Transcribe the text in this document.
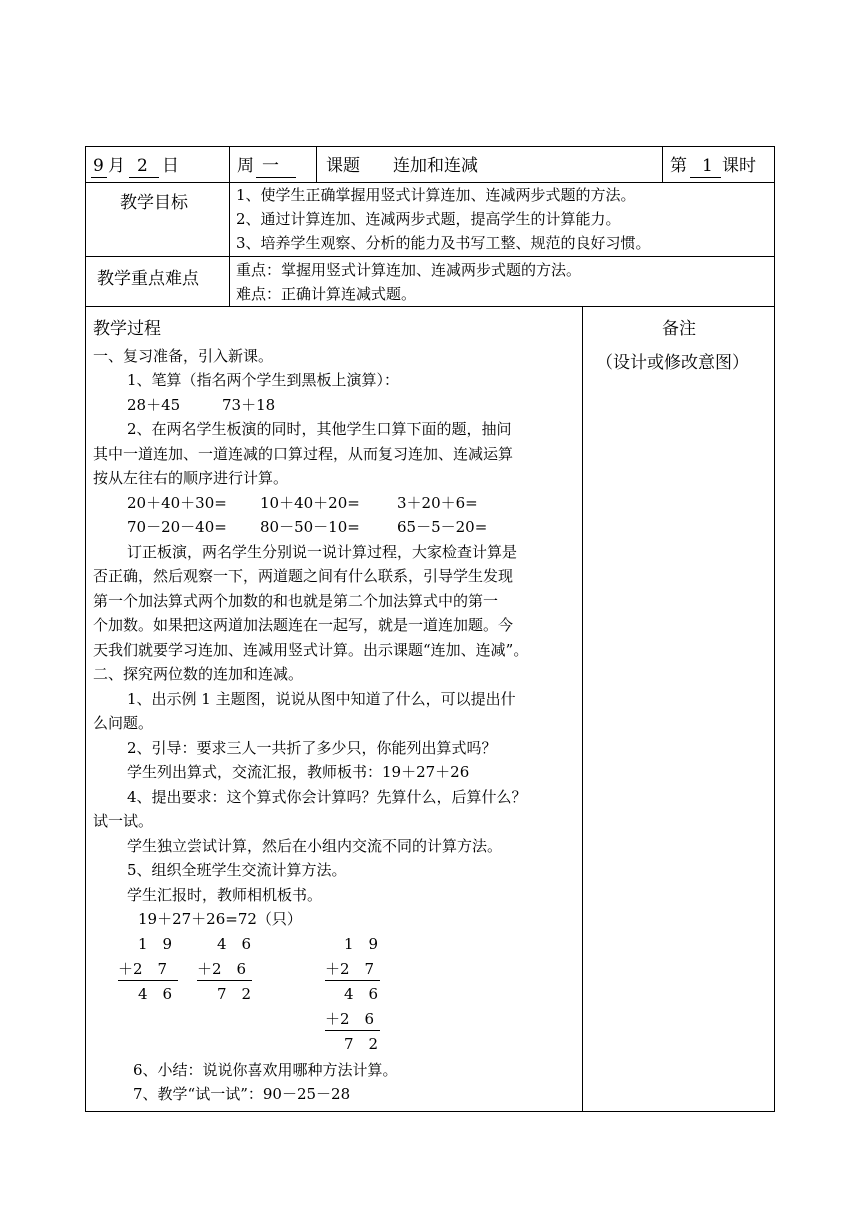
9 月 2 日	周 一	课题 连加和连减	第 1 课时
教学目标	1、使学生正确掌握用竖式计算连加、连减两步式题的方法。
2、通过计算连加、连减两步式题，提高学生的计算能力。
3、培养学生观察、分析的能力及书写工整、规范的良好习惯。
教学重点难点 重点：掌握用竖式计算连加、连减两步式题的方法。
难点：正确计算连减式题。
备注
（设计或修改意图）
教学过程
一、复习准备，引入新课。
1、笔算（指名两个学生到黑板上演算）：
28＋45	73＋18
2、在两名学生板演的同时，其他学生口算下面的题，抽问
其中一道连加、一道连减的口算过程，从而复习连加、连减运算
按从左往右的顺序进行计算。
20＋40＋30= 10＋40＋20= 3＋20＋6=
70－20－40= 80－50－10= 65－5－20=
订正板演，两名学生分别说一说计算过程，大家检查计算是
否正确，然后观察一下，两道题之间有什么联系，引导学生发现
第一个加法算式两个加数的和也就是第二个加法算式中的第一
个加数。如果把这两道加法题连在一起写，就是一道连加题。今
天我们就要学习连加、连减用竖式计算。出示课题“连加、连减”。
二、探究两位数的连加和连减。
1、出示例 1 主题图，说说从图中知道了什么，可以提出什
么问题。
2、引导：要求三人一共折了多少只，你能列出算式吗？
学生列出算式，交流汇报，教师板书：19＋27＋26
4、提出要求：这个算式你会计算吗？先算什么，后算什么？
试一试。
学生独立尝试计算，然后在小组内交流不同的计算方法。
5、组织全班学生交流计算方法。
学生汇报时，教师相机板书。
19＋27＋26=72（只）
1　9
＋2　7
4　6
4　6
＋2　6
7　2
1　9
＋2　7
4　6
＋2　6
7　2
6、小结：说说你喜欢用哪种方法计算。
7、教学“试一试”：90－25－28
